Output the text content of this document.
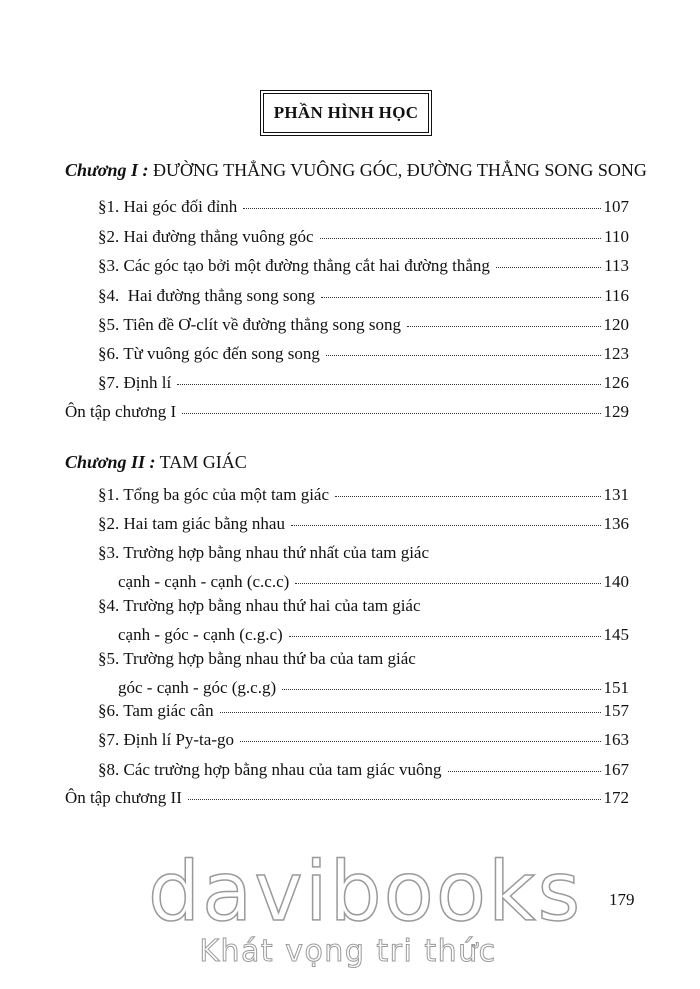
PHẦN HÌNH HỌC
Chương I : ĐƯỜNG THẲNG VUÔNG GÓC, ĐƯỜNG THẲNG SONG SONG
§1. Hai góc đối đỉnh	107
§2. Hai đường thẳng vuông góc	110
§3. Các góc tạo bởi một đường thẳng cắt hai đường thẳng	113
§4.  Hai đường thẳng song song	116
§5. Tiên đề Ơ-clít về đường thẳng song song	120
§6. Từ vuông góc đến song song	123
§7. Định lí	126
Ôn tập chương I	129
Chương II : TAM GIÁC
§1. Tổng ba góc của một tam giác	131
§2. Hai tam giác bằng nhau	136
§3. Trường hợp bằng nhau thứ nhất của tam giác
cạnh - cạnh - cạnh (c.c.c)	140
§4. Trường hợp bằng nhau thứ hai của tam giác
cạnh - góc - cạnh (c.g.c)	145
§5. Trường hợp bằng nhau thứ ba của tam giác
góc - cạnh - góc (g.c.g)	151
§6. Tam giác cân	157
§7. Định lí Py-ta-go	163
§8. Các trường hợp bằng nhau của tam giác vuông	167
Ôn tập chương II	172
179
davibooks
Khát vọng tri thức
